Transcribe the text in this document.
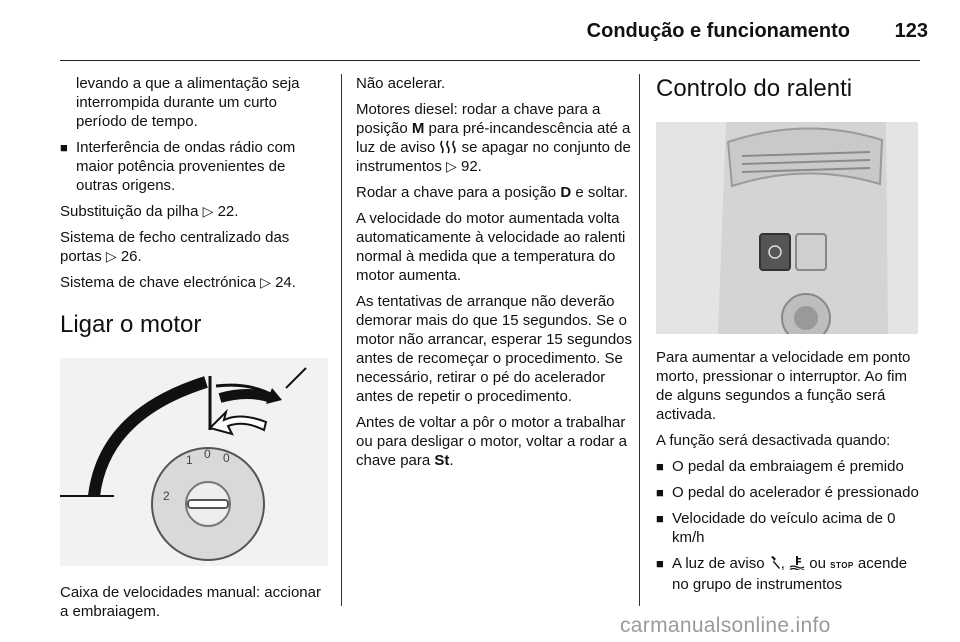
Condução e funcionamento	123

levando a que a alimentação seja interrompida durante um curto período de tempo.

■ Interferência de ondas rádio com maior potência provenientes de outras origens.

Substituição da pilha ▷ 22.

Sistema de fecho centralizado das portas ▷ 26.

Sistema de chave electrónica ▷ 24.

Ligar o motor
2
1 0 0

Caixa de velocidades manual: accionar a embraiagem.

Não acelerar.

Motores diesel: rodar a chave para a posição M para pré-incandescência até a luz de aviso se apagar no conjunto de instrumentos ▷ 92.

Rodar a chave para a posição D e soltar.

A velocidade do motor aumentada volta automaticamente à velocidade ao ralenti normal à medida que a temperatura do motor aumenta.

As tentativas de arranque não deverão demorar mais do que 15 segundos. Se o motor não arrancar, esperar 15 segundos antes de recomeçar o procedimento. Se necessário, retirar o pé do acelerador antes de repetir o procedimento.

Antes de voltar a pôr o motor a trabalhar ou para desligar o motor, voltar a rodar a chave para St.

Controlo do ralenti

Para aumentar a velocidade em ponto morto, pressionar o interruptor. Ao fim de alguns segundos a função será activada.

A função será desactivada quando:

■ O pedal da embraiagem é premido
■ O pedal do acelerador é pressionado
■ Velocidade do veículo acima de 0 km/h
■ A luz de aviso , ou STOP acende no grupo de instrumentos
carmanualsonline.info
